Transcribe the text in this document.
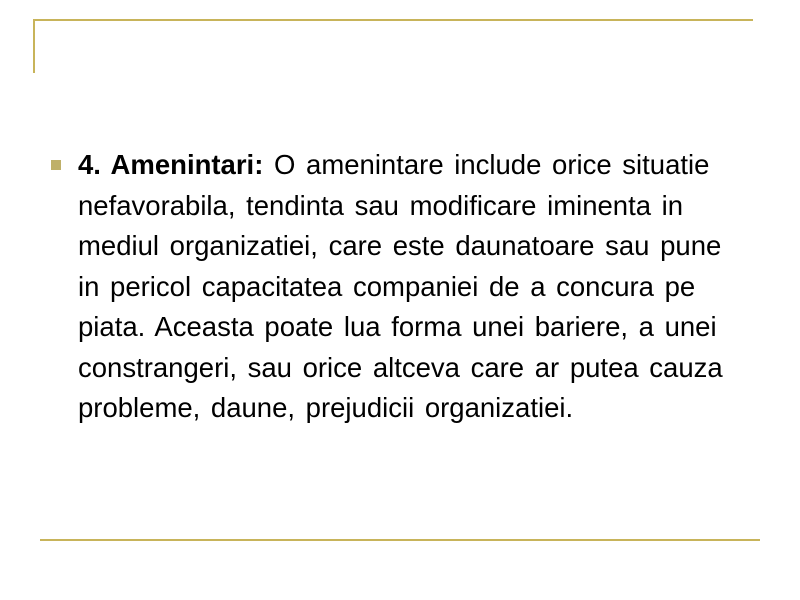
4. Amenintari: O amenintare include orice situatie nefavorabila, tendinta sau modificare iminenta in mediul organizatiei, care este daunatoare sau pune in pericol capacitatea companiei de a concura pe piata. Aceasta poate lua forma unei bariere, a unei constrangeri, sau orice altceva care ar putea cauza probleme, daune, prejudicii organizatiei.
